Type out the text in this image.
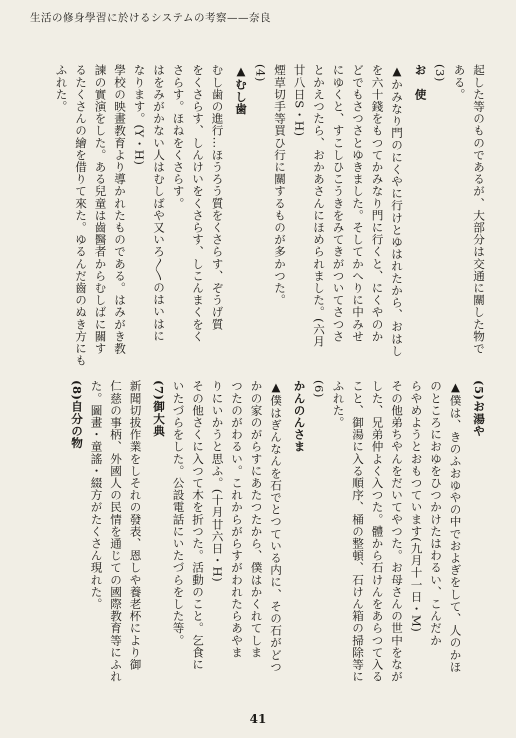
生活の修身學習に於けるシステムの考察——奈良
起した等のものであるが、大部分は交通に關した物で
ある。
(3)
お　使
▲かみなり門のにくやに行けとゆはれたから、おはし
を六十錢をもつてかみなり門に行くと、にくやのか
どでもさつさとゆきました。そしてかへりに中みせ
にゆくと、すこしひこうきをみてきがついてさつさ
とかえつたら、おかあさんにほめられました。(六月
廿八日S・H)
煙草切手等買ひ行に關するものが多かつた。
(4)
▲むし歯
むし歯の進行…ほうろう質をくさらす、ぞうげ質
をくさらす、しんけいをくさらす、しこんまくをく
さらす。ほねをくさらす。
はをみがかない人はむしばや又いろ〳〵のはいはに
なります。(Y・H)
學校の映畫教育より導かれたものである。はみがき教
諫の實演をした。ある兒童は齒醫者からむしばに關す
るたくさんの繪を借りて來た。ゆるんだ齒のぬき方にも
ふれた。
(5)お湯や
▲僕は、きのふおゆやの中でおよぎをして、人のかほ
のところにおゆをひつかけたはわるい、こんだか
らやめようとおもつています(九月十一日・M)
その他弟ちやんをだいてやつた。お母さんの世中をなが
した、兄弟仲よく入つた。體から石けんをあらつて入る
こと、御湯に入る順序、桶の整頓、石けん箱の掃除等に
ふれた。
(6)
かんのんさま
▲僕はぎんなんを石でとつている内に、その石がどつ
かの家のがらすにあたつたから、僕はかくれてしま
つたのがわるい。これからがらすがわれたらあやま
りにいかうと思ふ。(十月廿六日・H)
その他さくに入つて木を折つた。活動のこと。乞食に
いたづらをした。公設電話にいたづらをした等。
(7)御大典
新聞切拔作業をしそれの發表、恩しや養老杯により御
仁慈の事柄、外國人の民情を通じての國際教育等にふれ
た。圖畫・童謠・綴方がたくさん現れた。
(8)自分の物
41
